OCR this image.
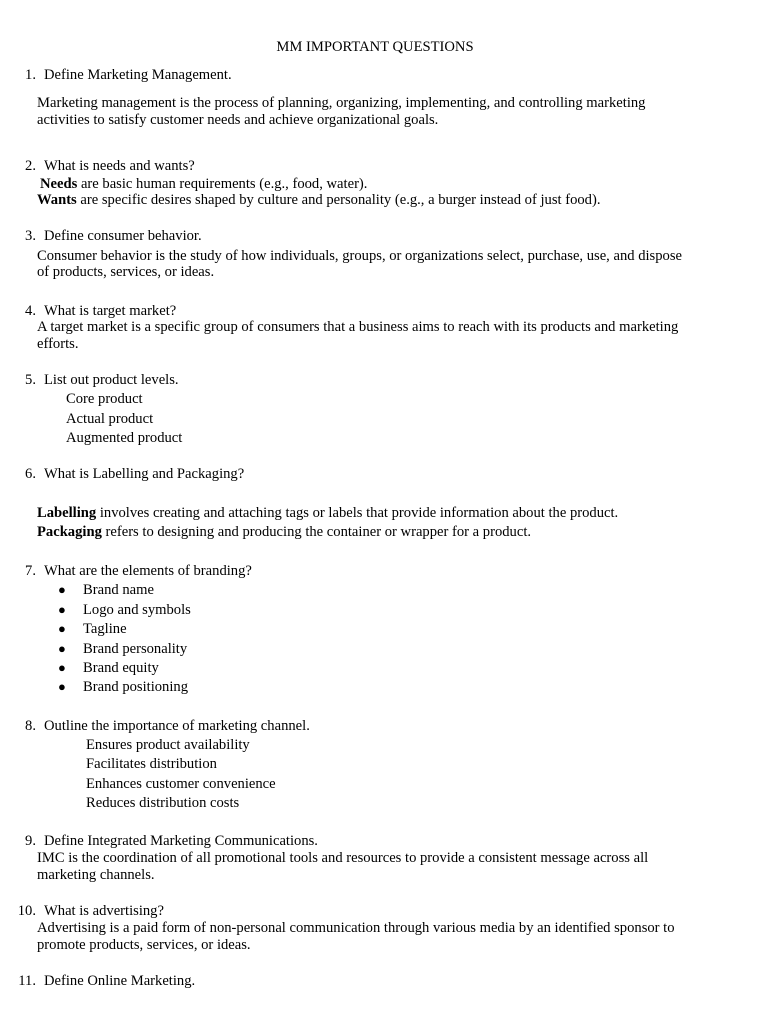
MM IMPORTANT QUESTIONS
1. Define Marketing Management.
Marketing management is the process of planning, organizing, implementing, and controlling marketing
activities to satisfy customer needs and achieve organizational goals.
2. What is needs and wants?
Needs are basic human requirements (e.g., food, water).
Wants are specific desires shaped by culture and personality (e.g., a burger instead of just food).
3. Define consumer behavior.
Consumer behavior is the study of how individuals, groups, or organizations select, purchase, use, and dispose
of products, services, or ideas.
4. What is target market?
A target market is a specific group of consumers that a business aims to reach with its products and marketing
efforts.
5. List out product levels.
Core product
Actual product
Augmented product
6. What is Labelling and Packaging?
Labelling involves creating and attaching tags or labels that provide information about the product.
Packaging refers to designing and producing the container or wrapper for a product.
7. What are the elements of branding?
● Brand name
● Logo and symbols
● Tagline
● Brand personality
● Brand equity
● Brand positioning
8. Outline the importance of marketing channel.
Ensures product availability
Facilitates distribution
Enhances customer convenience
Reduces distribution costs
9. Define Integrated Marketing Communications.
IMC is the coordination of all promotional tools and resources to provide a consistent message across all
marketing channels.
10. What is advertising?
Advertising is a paid form of non-personal communication through various media by an identified sponsor to
promote products, services, or ideas.
11. Define Online Marketing.
